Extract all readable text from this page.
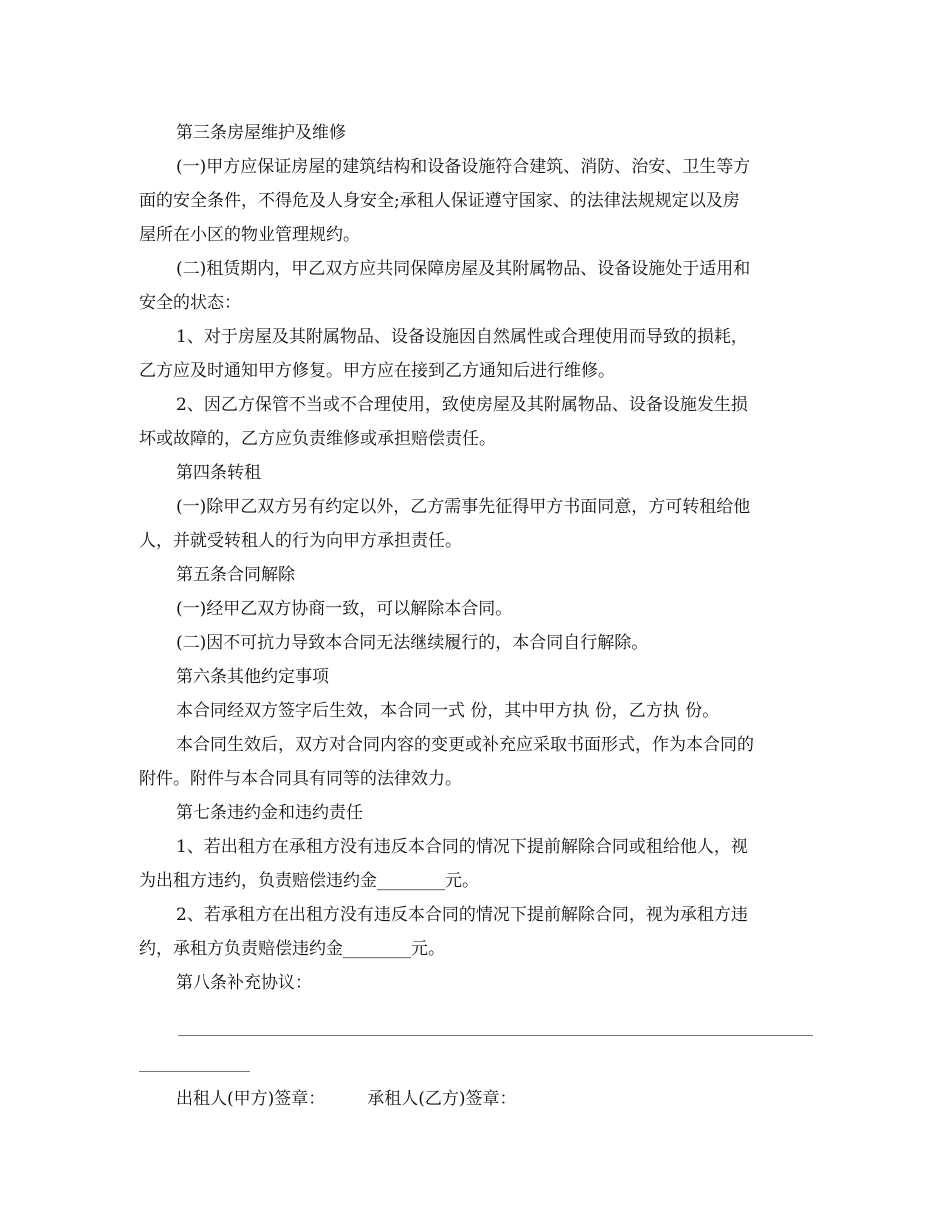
第三条房屋维护及维修
(一)甲方应保证房屋的建筑结构和设备设施符合建筑、消防、治安、卫生等方
面的安全条件，不得危及人身安全;承租人保证遵守国家、的法律法规规定以及房
屋所在小区的物业管理规约。
(二)租赁期内，甲乙双方应共同保障房屋及其附属物品、设备设施处于适用和
安全的状态：
1、对于房屋及其附属物品、设备设施因自然属性或合理使用而导致的损耗，
乙方应及时通知甲方修复。甲方应在接到乙方通知后进行维修。
2、因乙方保管不当或不合理使用，致使房屋及其附属物品、设备设施发生损
坏或故障的，乙方应负责维修或承担赔偿责任。
第四条转租
(一)除甲乙双方另有约定以外，乙方需事先征得甲方书面同意，方可转租给他
人，并就受转租人的行为向甲方承担责任。
第五条合同解除
(一)经甲乙双方协商一致，可以解除本合同。
(二)因不可抗力导致本合同无法继续履行的，本合同自行解除。
第六条其他约定事项
本合同经双方签字后生效，本合同一式 份，其中甲方执 份，乙方执 份。
本合同生效后，双方对合同内容的变更或补充应采取书面形式，作为本合同的
附件。附件与本合同具有同等的法律效力。
第七条违约金和违约责任
1、若出租方在承租方没有违反本合同的情况下提前解除合同或租给他人，视
为出租方违约，负责赔偿违约金________元。
2、若承租方在出租方没有违反本合同的情况下提前解除合同，视为承租方违
约，承租方负责赔偿违约金________元。
第八条补充协议：
出租人(甲方)签章： 承租人(乙方)签章：
